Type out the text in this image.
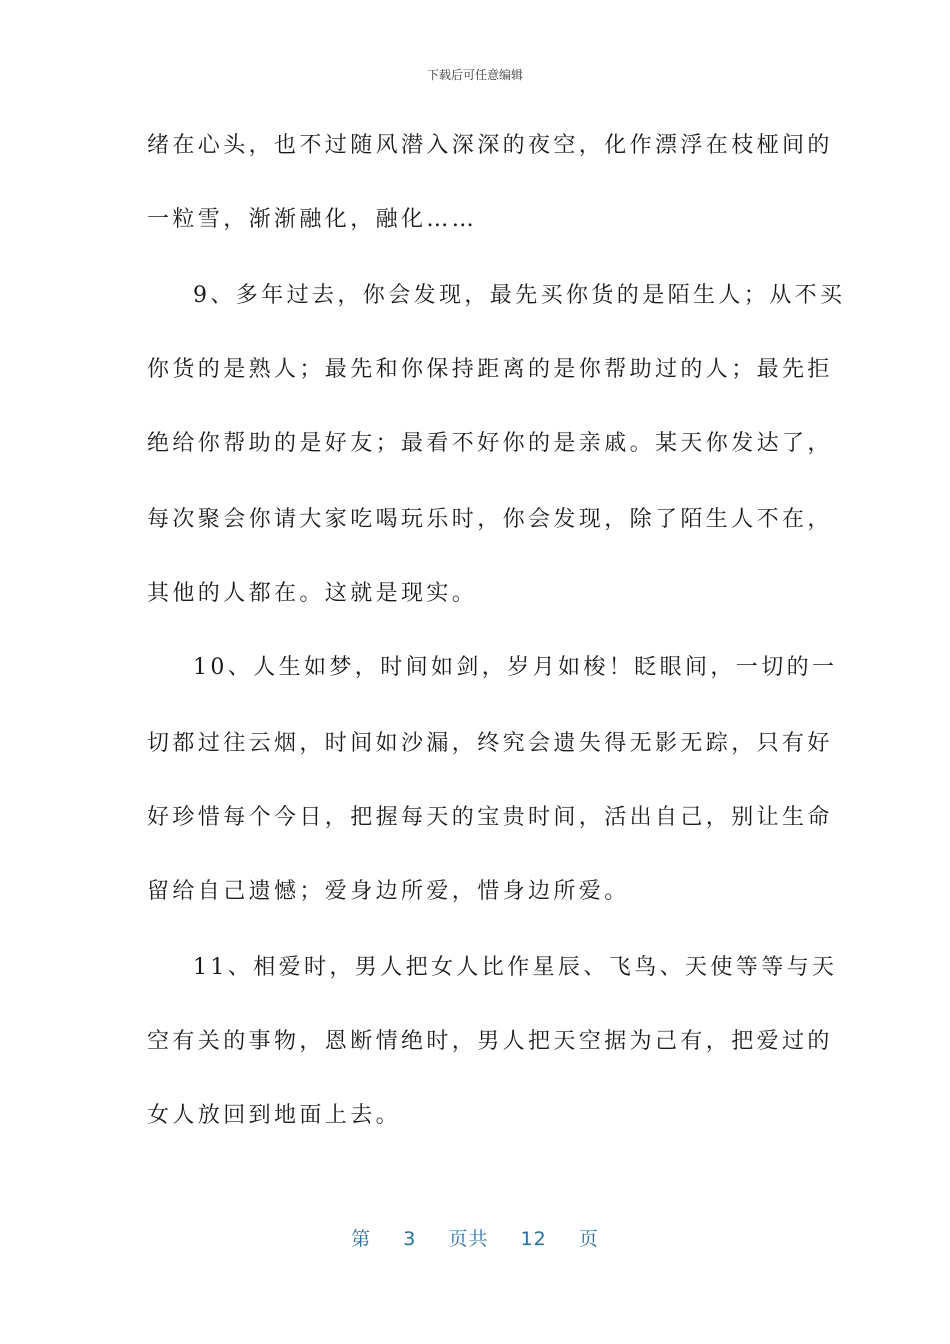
下载后可任意编辑
绪在心头，也不过随风潜入深深的夜空，化作漂浮在枝桠间的
一粒雪，渐渐融化，融化……
9、多年过去，你会发现，最先买你货的是陌生人；从不买
你货的是熟人；最先和你保持距离的是你帮助过的人；最先拒
绝给你帮助的是好友；最看不好你的是亲戚。某天你发达了，
每次聚会你请大家吃喝玩乐时，你会发现，除了陌生人不在，
其他的人都在。这就是现实。
10、人生如梦，时间如剑，岁月如梭！眨眼间，一切的一
切都过往云烟，时间如沙漏，终究会遗失得无影无踪，只有好
好珍惜每个今日，把握每天的宝贵时间，活出自己，别让生命
留给自己遗憾；爱身边所爱，惜身边所爱。
11、相爱时，男人把女人比作星辰、飞鸟、天使等等与天
空有关的事物，恩断情绝时，男人把天空据为己有，把爱过的
女人放回到地面上去。
第 3 页共 12 页
